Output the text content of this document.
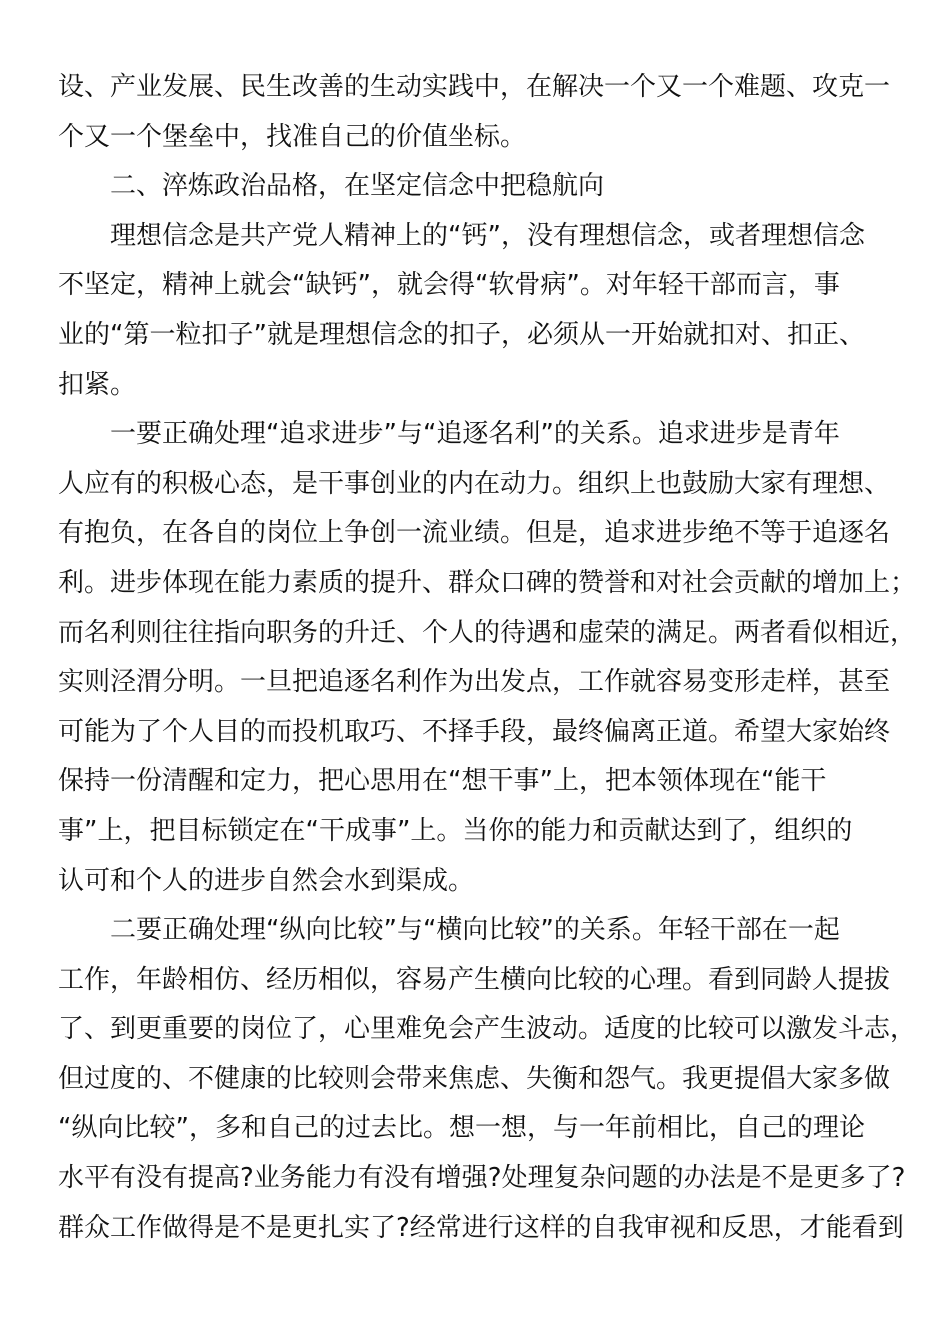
设、产业发展、民生改善的生动实践中，在解决一个又一个难题、攻克一
个又一个堡垒中，找准自己的价值坐标。
二、淬炼政治品格，在坚定信念中把稳航向
理想信念是共产党人精神上的“钙”，没有理想信念，或者理想信念
不坚定，精神上就会“缺钙”，就会得“软骨病”。对年轻干部而言，事
业的“第一粒扣子”就是理想信念的扣子，必须从一开始就扣对、扣正、
扣紧。
一要正确处理“追求进步”与“追逐名利”的关系。追求进步是青年
人应有的积极心态，是干事创业的内在动力。组织上也鼓励大家有理想、
有抱负，在各自的岗位上争创一流业绩。但是，追求进步绝不等于追逐名
利。进步体现在能力素质的提升、群众口碑的赞誉和对社会贡献的增加上；
而名利则往往指向职务的升迁、个人的待遇和虚荣的满足。两者看似相近，
实则泾渭分明。一旦把追逐名利作为出发点，工作就容易变形走样，甚至
可能为了个人目的而投机取巧、不择手段，最终偏离正道。希望大家始终
保持一份清醒和定力，把心思用在“想干事”上，把本领体现在“能干
事”上，把目标锁定在“干成事”上。当你的能力和贡献达到了，组织的
认可和个人的进步自然会水到渠成。
二要正确处理“纵向比较”与“横向比较”的关系。年轻干部在一起
工作，年龄相仿、经历相似，容易产生横向比较的心理。看到同龄人提拔
了、到更重要的岗位了，心里难免会产生波动。适度的比较可以激发斗志，
但过度的、不健康的比较则会带来焦虑、失衡和怨气。我更提倡大家多做
“纵向比较”，多和自己的过去比。想一想，与一年前相比，自己的理论
水平有没有提高?业务能力有没有增强?处理复杂问题的办法是不是更多了?
群众工作做得是不是更扎实了?经常进行这样的自我审视和反思，才能看到
